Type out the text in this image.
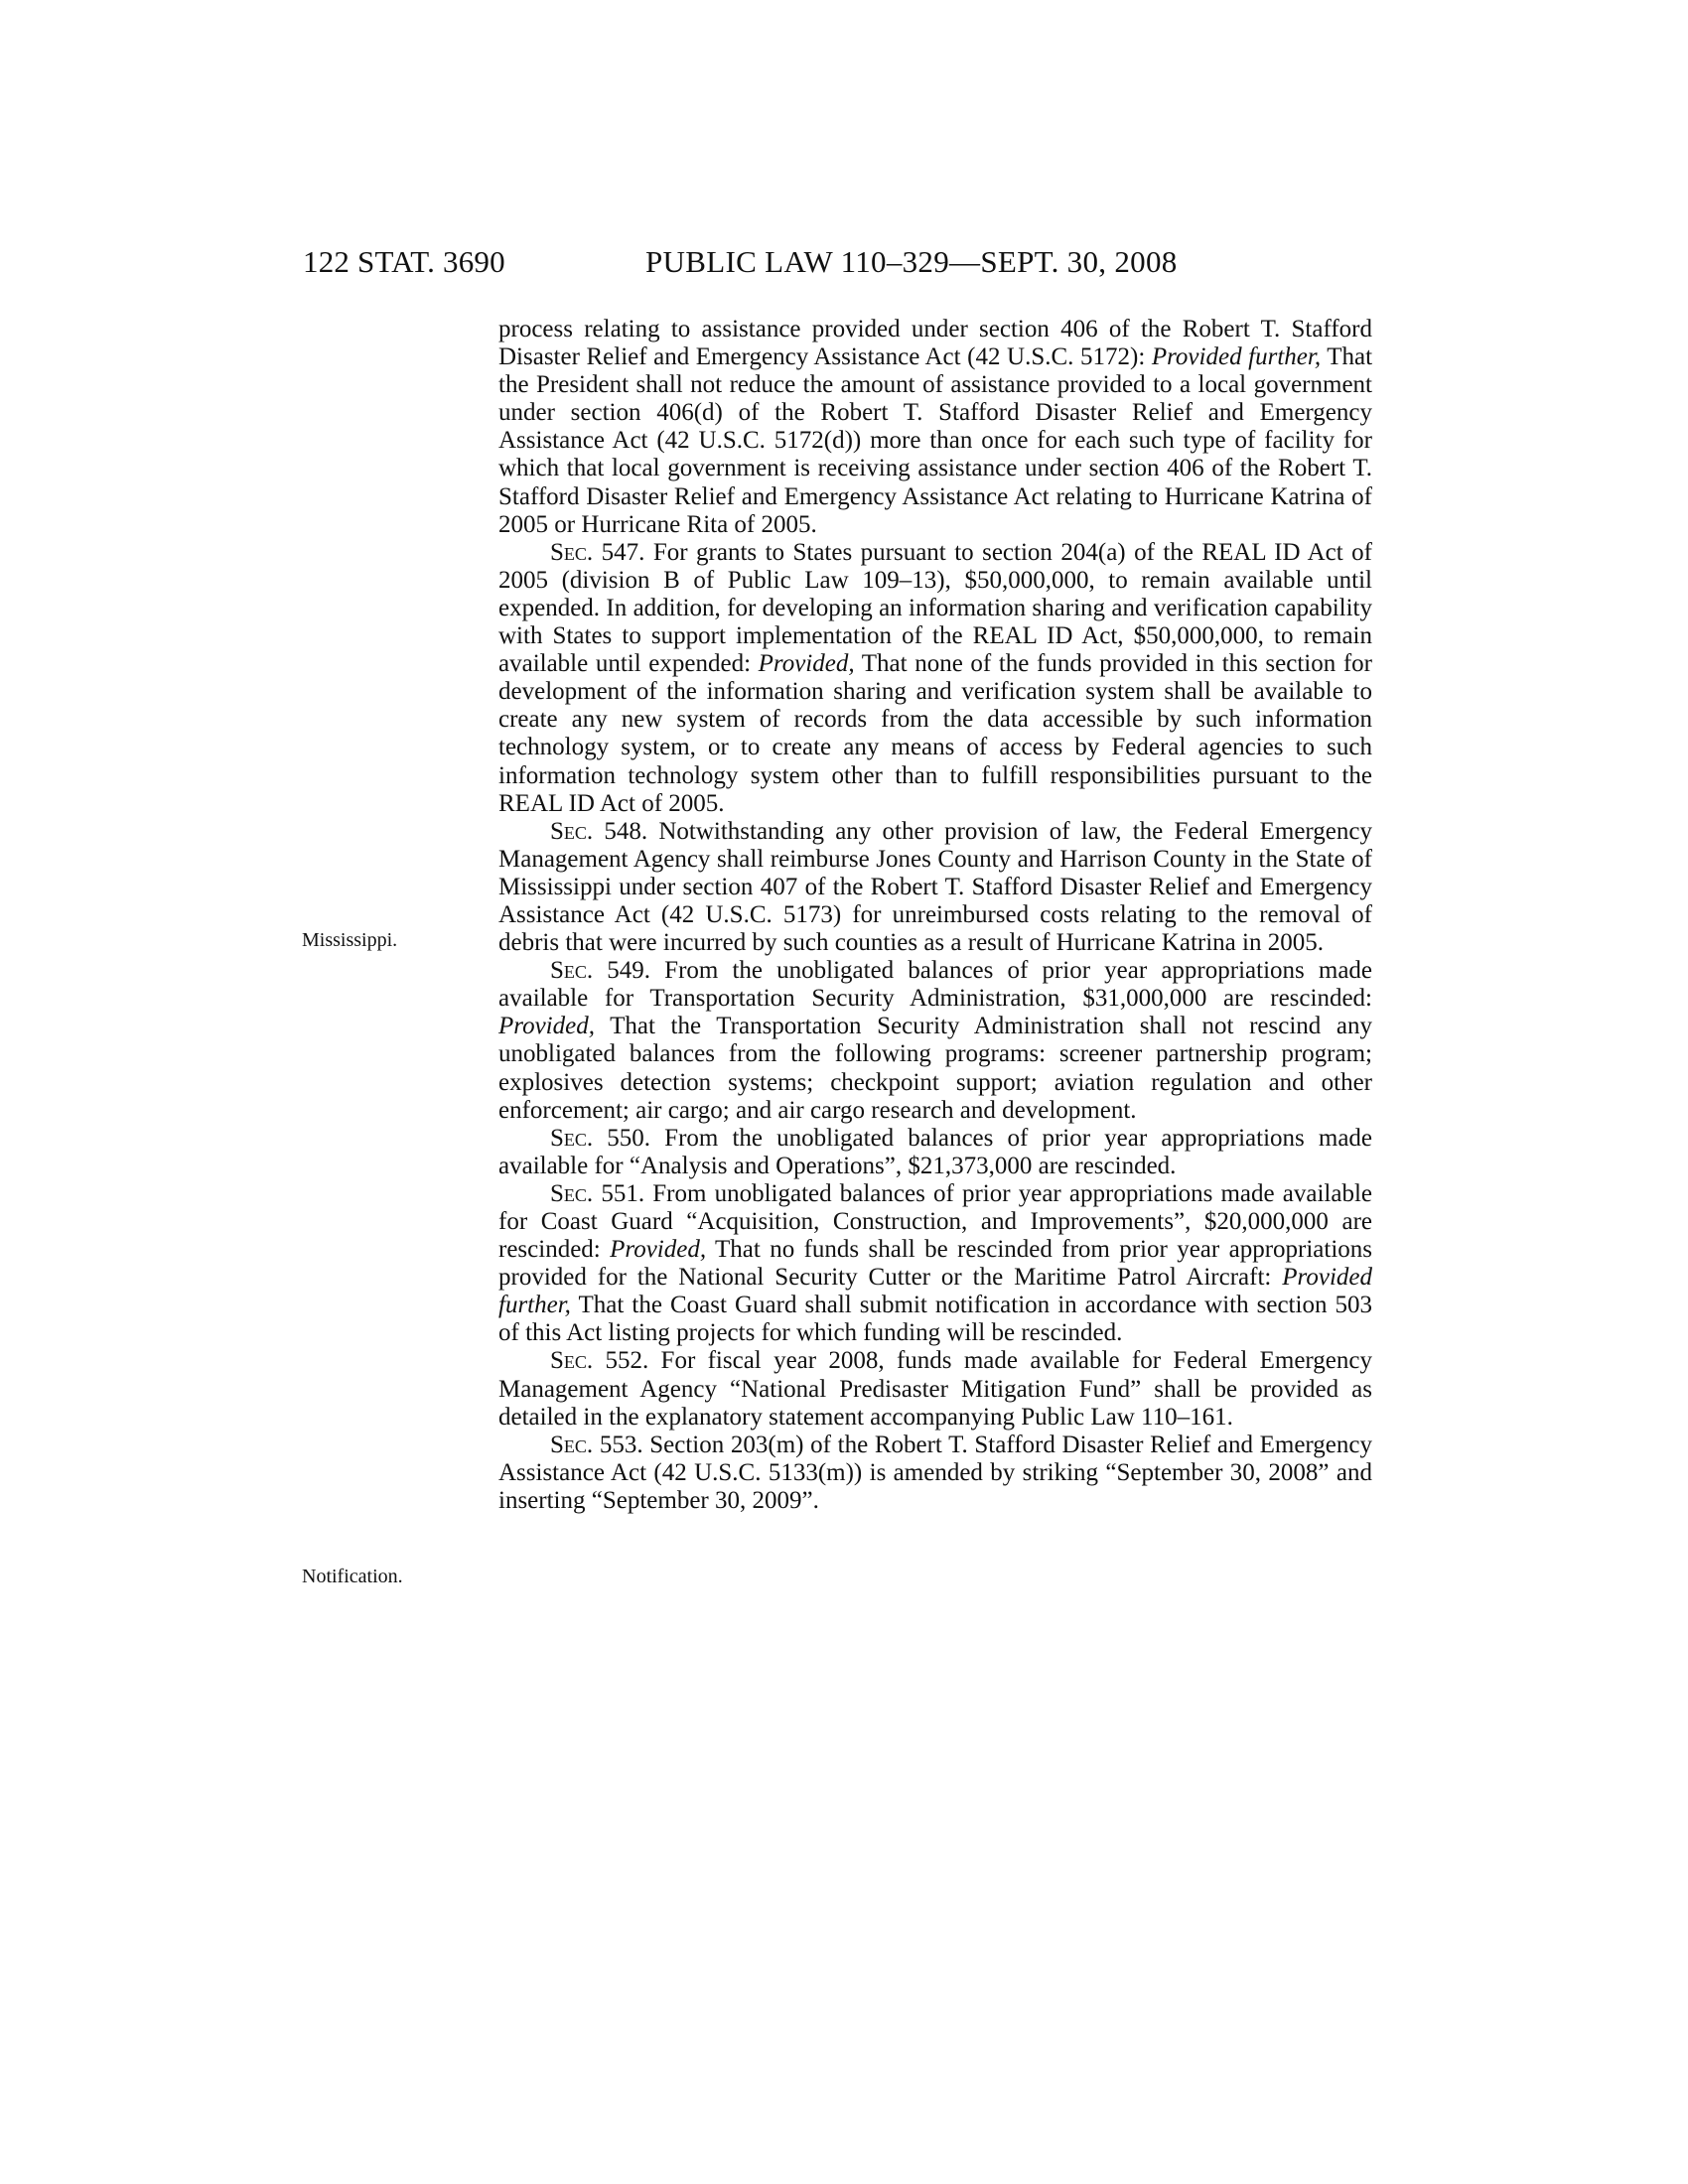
122 STAT. 3690	PUBLIC LAW 110–329—SEPT. 30, 2008
Mississippi.
Notification.

process relating to assistance provided under section 406 of the Robert T. Stafford Disaster Relief and Emergency Assistance Act (42 U.S.C. 5172): Provided further, That the President shall not reduce the amount of assistance provided to a local government under section 406(d) of the Robert T. Stafford Disaster Relief and Emergency Assistance Act (42 U.S.C. 5172(d)) more than once for each such type of facility for which that local government is receiving assistance under section 406 of the Robert T. Stafford Disaster Relief and Emergency Assistance Act relating to Hurricane Katrina of 2005 or Hurricane Rita of 2005.

Sec. 547. For grants to States pursuant to section 204(a) of the REAL ID Act of 2005 (division B of Public Law 109–13), $50,000,000, to remain available until expended. In addition, for developing an information sharing and verification capability with States to support implementation of the REAL ID Act, $50,000,000, to remain available until expended: Provided, That none of the funds provided in this section for development of the information sharing and verification system shall be available to create any new system of records from the data accessible by such information technology system, or to create any means of access by Federal agencies to such information technology system other than to fulfill responsibilities pursuant to the REAL ID Act of 2005.

Sec. 548. Notwithstanding any other provision of law, the Federal Emergency Management Agency shall reimburse Jones County and Harrison County in the State of Mississippi under section 407 of the Robert T. Stafford Disaster Relief and Emergency Assistance Act (42 U.S.C. 5173) for unreimbursed costs relating to the removal of debris that were incurred by such counties as a result of Hurricane Katrina in 2005.

Sec. 549. From the unobligated balances of prior year appropriations made available for Transportation Security Administration, $31,000,000 are rescinded: Provided, That the Transportation Security Administration shall not rescind any unobligated balances from the following programs: screener partnership program; explosives detection systems; checkpoint support; aviation regulation and other enforcement; air cargo; and air cargo research and development.

Sec. 550. From the unobligated balances of prior year appropriations made available for “Analysis and Operations”, $21,373,000 are rescinded.

Sec. 551. From unobligated balances of prior year appropriations made available for Coast Guard “Acquisition, Construction, and Improvements”, $20,000,000 are rescinded: Provided, That no funds shall be rescinded from prior year appropriations provided for the National Security Cutter or the Maritime Patrol Aircraft: Provided further, That the Coast Guard shall submit notification in accordance with section 503 of this Act listing projects for which funding will be rescinded.

Sec. 552. For fiscal year 2008, funds made available for Federal Emergency Management Agency “National Predisaster Mitigation Fund” shall be provided as detailed in the explanatory statement accompanying Public Law 110–161.

Sec. 553. Section 203(m) of the Robert T. Stafford Disaster Relief and Emergency Assistance Act (42 U.S.C. 5133(m)) is amended by striking “September 30, 2008” and inserting “September 30, 2009”.
